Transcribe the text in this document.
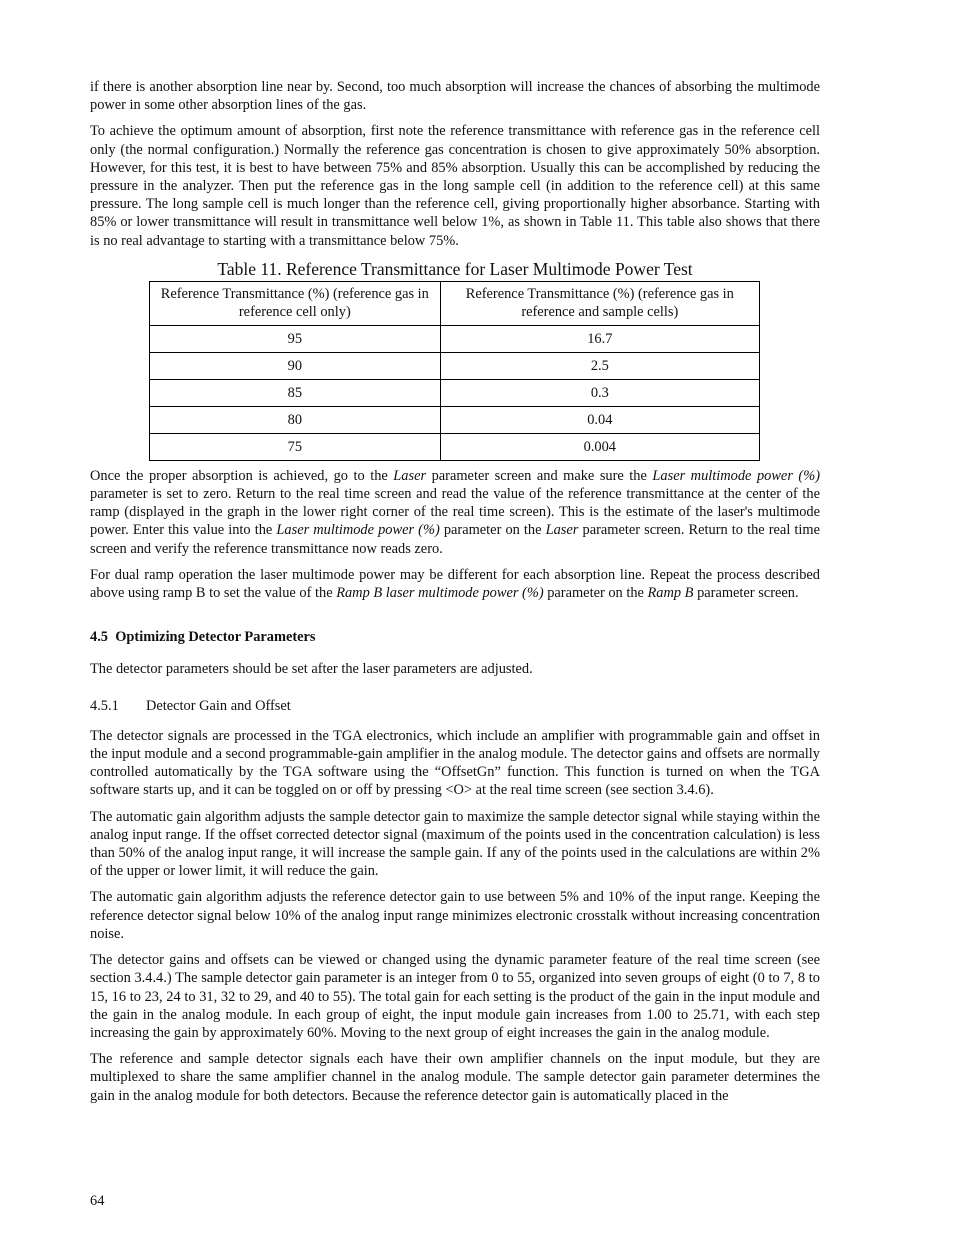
if there is another absorption line near by. Second, too much absorption will increase the chances of absorbing the multimode power in some other absorption lines of the gas.

To achieve the optimum amount of absorption, first note the reference transmittance with reference gas in the reference cell only (the normal configuration.) Normally the reference gas concentration is chosen to give approximately 50% absorption. However, for this test, it is best to have between 75% and 85% absorption. Usually this can be accomplished by reducing the pressure in the analyzer. Then put the reference gas in the long sample cell (in addition to the reference cell) at this same pressure. The long sample cell is much longer than the reference cell, giving proportionally higher absorbance. Starting with 85% or lower transmittance will result in transmittance well below 1%, as shown in Table 11. This table also shows that there is no real advantage to starting with a transmittance below 75%.

Table 11. Reference Transmittance for Laser Multimode Power Test
Reference Transmittance (%) (reference gas in reference cell only)	Reference Transmittance (%) (reference gas in reference and sample cells)
95	16.7
90	2.5
85	0.3
80	0.04
75	0.004

Once the proper absorption is achieved, go to the Laser parameter screen and make sure the Laser multimode power (%) parameter is set to zero. Return to the real time screen and read the value of the reference transmittance at the center of the ramp (displayed in the graph in the lower right corner of the real time screen). This is the estimate of the laser's multimode power. Enter this value into the Laser multimode power (%) parameter on the Laser parameter screen. Return to the real time screen and verify the reference transmittance now reads zero.

For dual ramp operation the laser multimode power may be different for each absorption line. Repeat the process described above using ramp B to set the value of the Ramp B laser multimode power (%) parameter on the Ramp B parameter screen.

4.5 Optimizing Detector Parameters

The detector parameters should be set after the laser parameters are adjusted.

4.5.1 Detector Gain and Offset

The detector signals are processed in the TGA electronics, which include an amplifier with programmable gain and offset in the input module and a second programmable-gain amplifier in the analog module. The detector gains and offsets are normally controlled automatically by the TGA software using the “OffsetGn” function. This function is turned on when the TGA software starts up, and it can be toggled on or off by pressing <O> at the real time screen (see section 3.4.6).

The automatic gain algorithm adjusts the sample detector gain to maximize the sample detector signal while staying within the analog input range. If the offset corrected detector signal (maximum of the points used in the concentration calculation) is less than 50% of the analog input range, it will increase the sample gain. If any of the points used in the calculations are within 2% of the upper or lower limit, it will reduce the gain.

The automatic gain algorithm adjusts the reference detector gain to use between 5% and 10% of the input range. Keeping the reference detector signal below 10% of the analog input range minimizes electronic crosstalk without increasing concentration noise.

The detector gains and offsets can be viewed or changed using the dynamic parameter feature of the real time screen (see section 3.4.4.) The sample detector gain parameter is an integer from 0 to 55, organized into seven groups of eight (0 to 7, 8 to 15, 16 to 23, 24 to 31, 32 to 29, and 40 to 55). The total gain for each setting is the product of the gain in the input module and the gain in the analog module. In each group of eight, the input module gain increases from 1.00 to 25.71, with each step increasing the gain by approximately 60%. Moving to the next group of eight increases the gain in the analog module.

The reference and sample detector signals each have their own amplifier channels on the input module, but they are multiplexed to share the same amplifier channel in the analog module. The sample detector gain parameter determines the gain in the analog module for both detectors. Because the reference detector gain is automatically placed in the

64
